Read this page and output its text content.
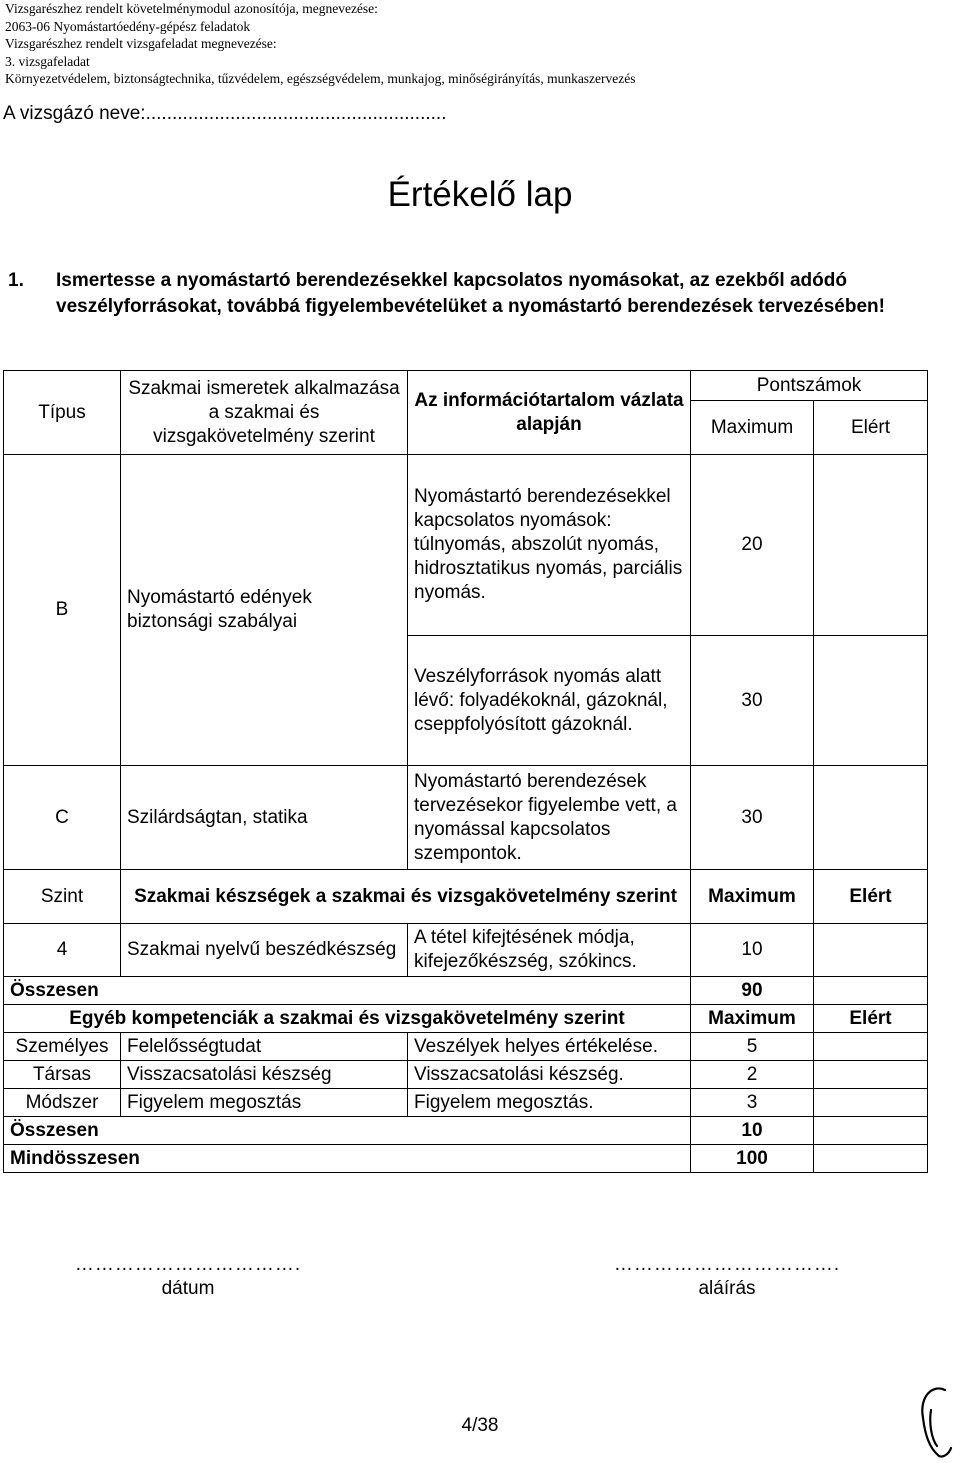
Vizsgarészhez rendelt követelménymodul azonosítója, megnevezése:
2063-06 Nyomástartóedény-gépész feladatok
Vizsgarészhez rendelt vizsgafeladat megnevezése:
3. vizsgafeladat
Környezetvédelem, biztonságtechnika, tűzvédelem, egészségvédelem, munkajog, minőségirányítás, munkaszervezés
A vizsgázó neve:.........................................................
Értékelő lap
1. Ismertesse a nyomástartó berendezésekkel kapcsolatos nyomásokat, az ezekből adódó veszélyforrásokat, továbbá figyelembevételüket a nyomástartó berendezések tervezésében!
Típus	Szakmai ismeretek alkalmazása a szakmai és vizsgakövetelmény szerint	Az információtartalom vázlata alapján	Pontszámok	
			Maximum	Elért
B	Nyomástartó edények biztonsági szabályai	Nyomástartó berendezésekkel kapcsolatos nyomások: túlnyomás, abszolút nyomás, hidrosztatikus nyomás, parciális nyomás.	20	
		Veszélyforrások nyomás alatt lévő: folyadékoknál, gázoknál, cseppfolyósított gázoknál.	30	
C	Szilárdságtan, statika	Nyomástartó berendezések tervezésekor figyelembe vett, a nyomással kapcsolatos szempontok.	30	
Szint	Szakmai készségek a szakmai és vizsgakövetelmény szerint		Maximum	Elért
4	Szakmai nyelvű beszédkészség	A tétel kifejtésének módja, kifejezőkészség, szókincs.	10	
Összesen			90	
Egyéb kompetenciák a szakmai és vizsgakövetelmény szerint			Maximum	Elért
Személyes	Felelősségtudat	Veszélyek helyes értékelése.	5	
Társas	Visszacsatolási készség	Visszacsatolási készség.	2	
Módszer	Figyelem megosztás	Figyelem megosztás.	3	
Összesen			10	
Mindösszesen			100	
…………………………….
dátum
…………………………….
aláírás
4/38
